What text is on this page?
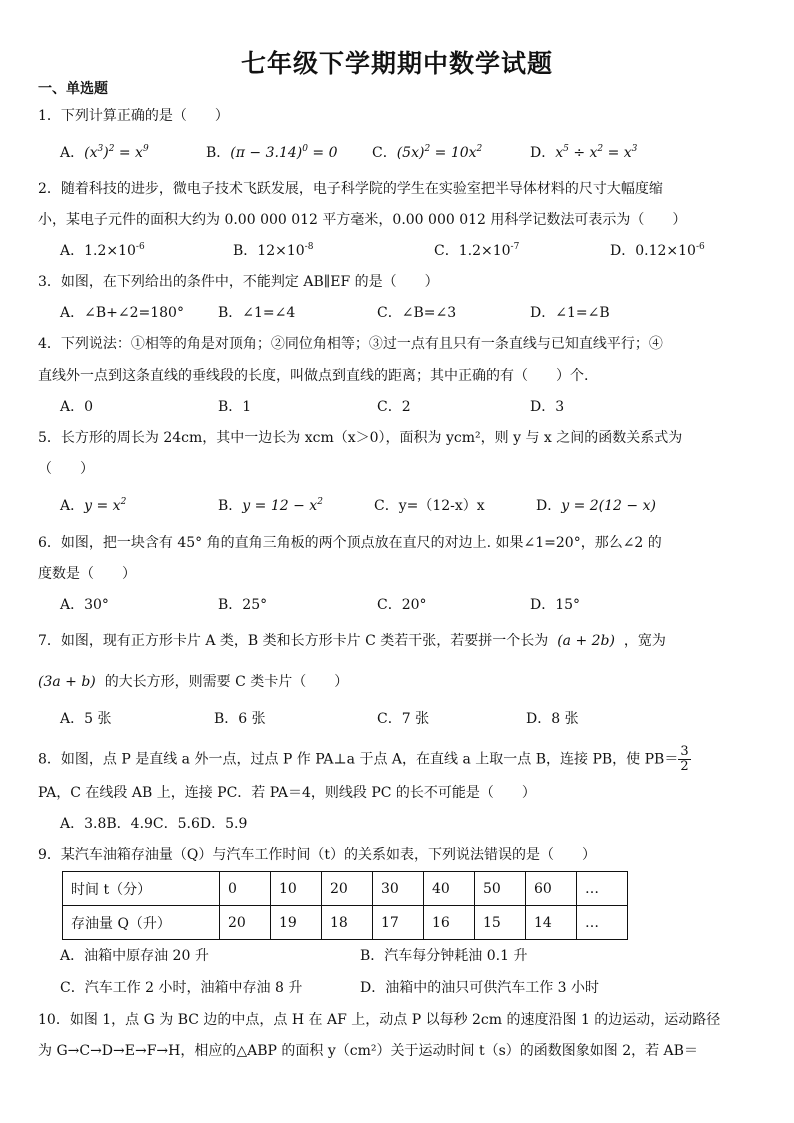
七年级下学期期中数学试题
一、单选题
1．下列计算正确的是（　　）
A．$(x^3)^2 = x^9$	B．$(\pi - 3.14)^0 = 0$ C．$(5x)^2 = 10x^2$	D．$x^5 \div x^2 = x^3$
2．随着科技的进步，微电子技术飞跃发展，电子科学院的学生在实验室把半导体材料的尺寸大幅度缩
小，某电子元件的面积大约为 0.00 000 012 平方毫米，0.00 000 012 用科学记数法可表示为（　　）
A．$1.2\times 10^{-6}$	B．$12\times 10^{-8}$	C．$1.2\times 10^{-7}$	D．$0.12\times 10^{-6}$
3．如图，在下列给出的条件中，不能判定 AB∥EF 的是（　　）
A．∠B+∠2=180° B．∠1=∠4	C．∠B=∠3	D．∠1=∠B
4．下列说法：①相等的角是对顶角；②同位角相等；③过一点有且只有一条直线与已知直线平行；④
直线外一点到这条直线的垂线段的长度，叫做点到直线的距离；其中正确的有（　　）个.
A．0	B．1	C．2	D．3
5．长方形的周长为 24cm，其中一边长为 xcm（x＞0），面积为 ycm²，则 y 与 x 之间的函数关系式为
（　　）
A．$y = x^2$	B．$y = 12 - x^2$	C．y=（12-x）x	D．y = 2(12 − x)
6．如图，把一块含有 45° 角的直角三角板的两个顶点放在直尺的对边上. 如果∠1=20°，那么∠2 的
度数是（　　）
A．30°	B．25°	C．20°	D．15°
7．如图，现有正方形卡片 A 类，B 类和长方形卡片 C 类若干张，若要拼一个长为 (a + 2b) ，宽为
(3a + b) 的大长方形，则需要 C 类卡片（　　）
A．5 张	B．6 张	C．7 张	D．8 张
8．如图，点 P 是直线 a 外一点，过点 P 作 PA⊥a 于点 A，在直线 a 上取一点 B，连接 PB，使 $PB= \frac{3}{2}$
PA，C 在线段 AB 上，连接 PC．若 PA＝4，则线段 PC 的长不可能是（　　）
A．3.8B．4.9C．5.6D．5.9
9．某汽车油箱存油量（Q）与汽车工作时间（t）的关系如表，下列说法错误的是（　　）
时间 t（分）	0	10	20	30	40	50	60	…
存油量 Q（升）	20	19	18	17	16	15	14	…
A．油箱中原存油 20 升	B．汽车每分钟耗油 0.1 升
C．汽车工作 2 小时，油箱中存油 8 升	D．油箱中的油只可供汽车工作 3 小时
10．如图 1，点 G 为 BC 边的中点，点 H 在 AF 上，动点 P 以每秒 2cm 的速度沿图 1 的边运动，运动路径
为 G→C→D→E→F→H，相应的△ABP 的面积 y（cm²）关于运动时间 t（s）的函数图象如图 2，若 AB＝
